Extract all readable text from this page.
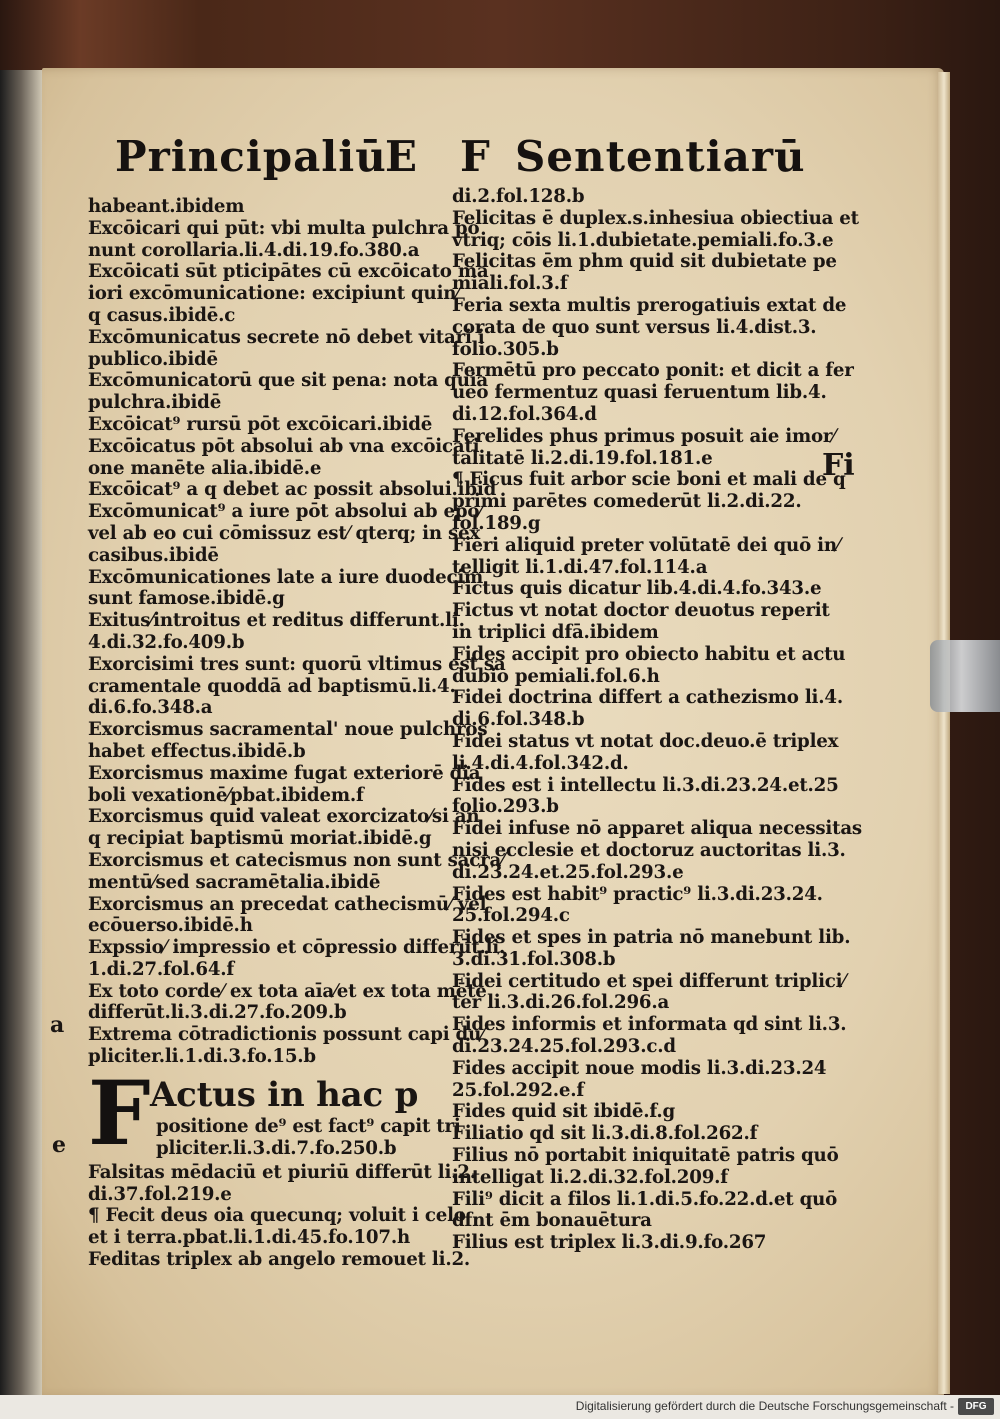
Principaliū
E F Sententiarū
habeant.ibidem
Excōicari qui pūt: vbi multa pulchra po
nunt corollaria.li.4.di.19.fo.380.a
Excōicati sūt pticipātes cū excōicato ma
iori excōmunicatione: excipiunt quin⁄
q casus.ibidē.c
Excōmunicatus secrete nō debet vitari i
publico.ibidē
Excōmunicatorū que sit pena: nota quia
pulchra.ibidē
Excōicat⁹ rursū pōt excōicari.ibidē
Excōicatus pōt absolui ab vna excōicati
one manēte alia.ibidē.e
Excōicat⁹ a q debet ac possit absolui.ibid
Excōmunicat⁹ a iure pōt absolui ab epo⁄
vel ab eo cui cōmissuz est⁄ qterq; in sex
casibus.ibidē
Excōmunicationes late a iure duodecim
sunt famose.ibidē.g
Exitus⁄introitus et reditus differunt.li.
4.di.32.fo.409.b
Exorcisimi tres sunt: quorū vltimus est sa
cramentale quoddā ad baptismū.li.4.
di.6.fo.348.a
Exorcismus sacramental' noue pulchros
habet effectus.ibidē.b
Exorcismus maxime fugat exteriorē dia
boli vexationē⁄pbat.ibidem.f
Exorcismus quid valeat exorcizato⁄si an
q recipiat baptismū moriat.ibidē.g
Exorcismus et catecismus non sunt sacra⁄
mentū⁄sed sacramētalia.ibidē
Exorcismus an precedat cathecismū⁄ vel
ecōuerso.ibidē.h
Expssio⁄ impressio et cōpressio differūt.li.
1.di.27.fol.64.f
Ex toto corde⁄ ex tota aīa⁄et ex tota mēte
differūt.li.3.di.27.fo.209.b
Extrema cōtradictionis possunt capi du⁄
pliciter.li.1.di.3.fo.15.b
F Actus in hac p
positione de⁹ est fact⁹ capit tri
pliciter.li.3.di.7.fo.250.b
Falsitas mēdaciū et piuriū differūt li.2.
di.37.fol.219.e
¶ Fecit deus oia quecunq; voluit i celo
et i terra.pbat.li.1.di.45.fo.107.h
Feditas triplex ab angelo remouet li.2.
di.2.fol.128.b
Felicitas ē duplex.s.inhesiua obiectiua et
vtriq; cōis li.1.dubietate.pemiali.fo.3.e
Felicitas ēm phm quid sit dubietate pe
miali.fol.3.f
Feria sexta multis prerogatiuis extat de
corata de quo sunt versus li.4.dist.3.
folio.305.b
Fermētū pro peccato ponit: et dicit a fer
ueo fermentuz quasi feruentum lib.4.
di.12.fol.364.d
Ferelides phus primus posuit aie imor⁄
talitatē li.2.di.19.fol.181.e
¶ Ficus fuit arbor scie boni et mali de q
primi parētes comederūt li.2.di.22.
fol.189.g
Fieri aliquid preter volūtatē dei quō in⁄
telligit li.1.di.47.fol.114.a
Fictus quis dicatur lib.4.di.4.fo.343.e
Fictus vt notat doctor deuotus reperit
in triplici dfā.ibidem
Fides accipit pro obiecto habitu et actu
dubio pemiali.fol.6.h
Fidei doctrina differt a cathezismo li.4.
di.6.fol.348.b
Fidei status vt notat doc.deuo.ē triplex
li.4.di.4.fol.342.d.
Fides est i intellectu li.3.di.23.24.et.25
folio.293.b
Fidei infuse nō apparet aliqua necessitas
nisi ecclesie et doctoruz auctoritas li.3.
di.23.24.et.25.fol.293.e
Fides est habit⁹ practic⁹ li.3.di.23.24.
25.fol.294.c
Fides et spes in patria nō manebunt lib.
3.di.31.fol.308.b
Fidei certitudo et spei differunt triplici⁄
ter li.3.di.26.fol.296.a
Fides informis et informata qd sint li.3.
di.23.24.25.fol.293.c.d
Fides accipit noue modis li.3.di.23.24
25.fol.292.e.f
Fides quid sit ibidē.f.g
Filiatio qd sit li.3.di.8.fol.262.f
Filius nō portabit iniquitatē patris quō
intelligat li.2.di.32.fol.209.f
Fili⁹ dicit a filos li.1.di.5.fo.22.d.et quō
dfnt ēm bonauētura
Filius est triplex li.3.di.9.fo.267
Fi
a
e
Digitalisierung gefördert durch die Deutsche Forschungsgemeinschaft -	DFG
